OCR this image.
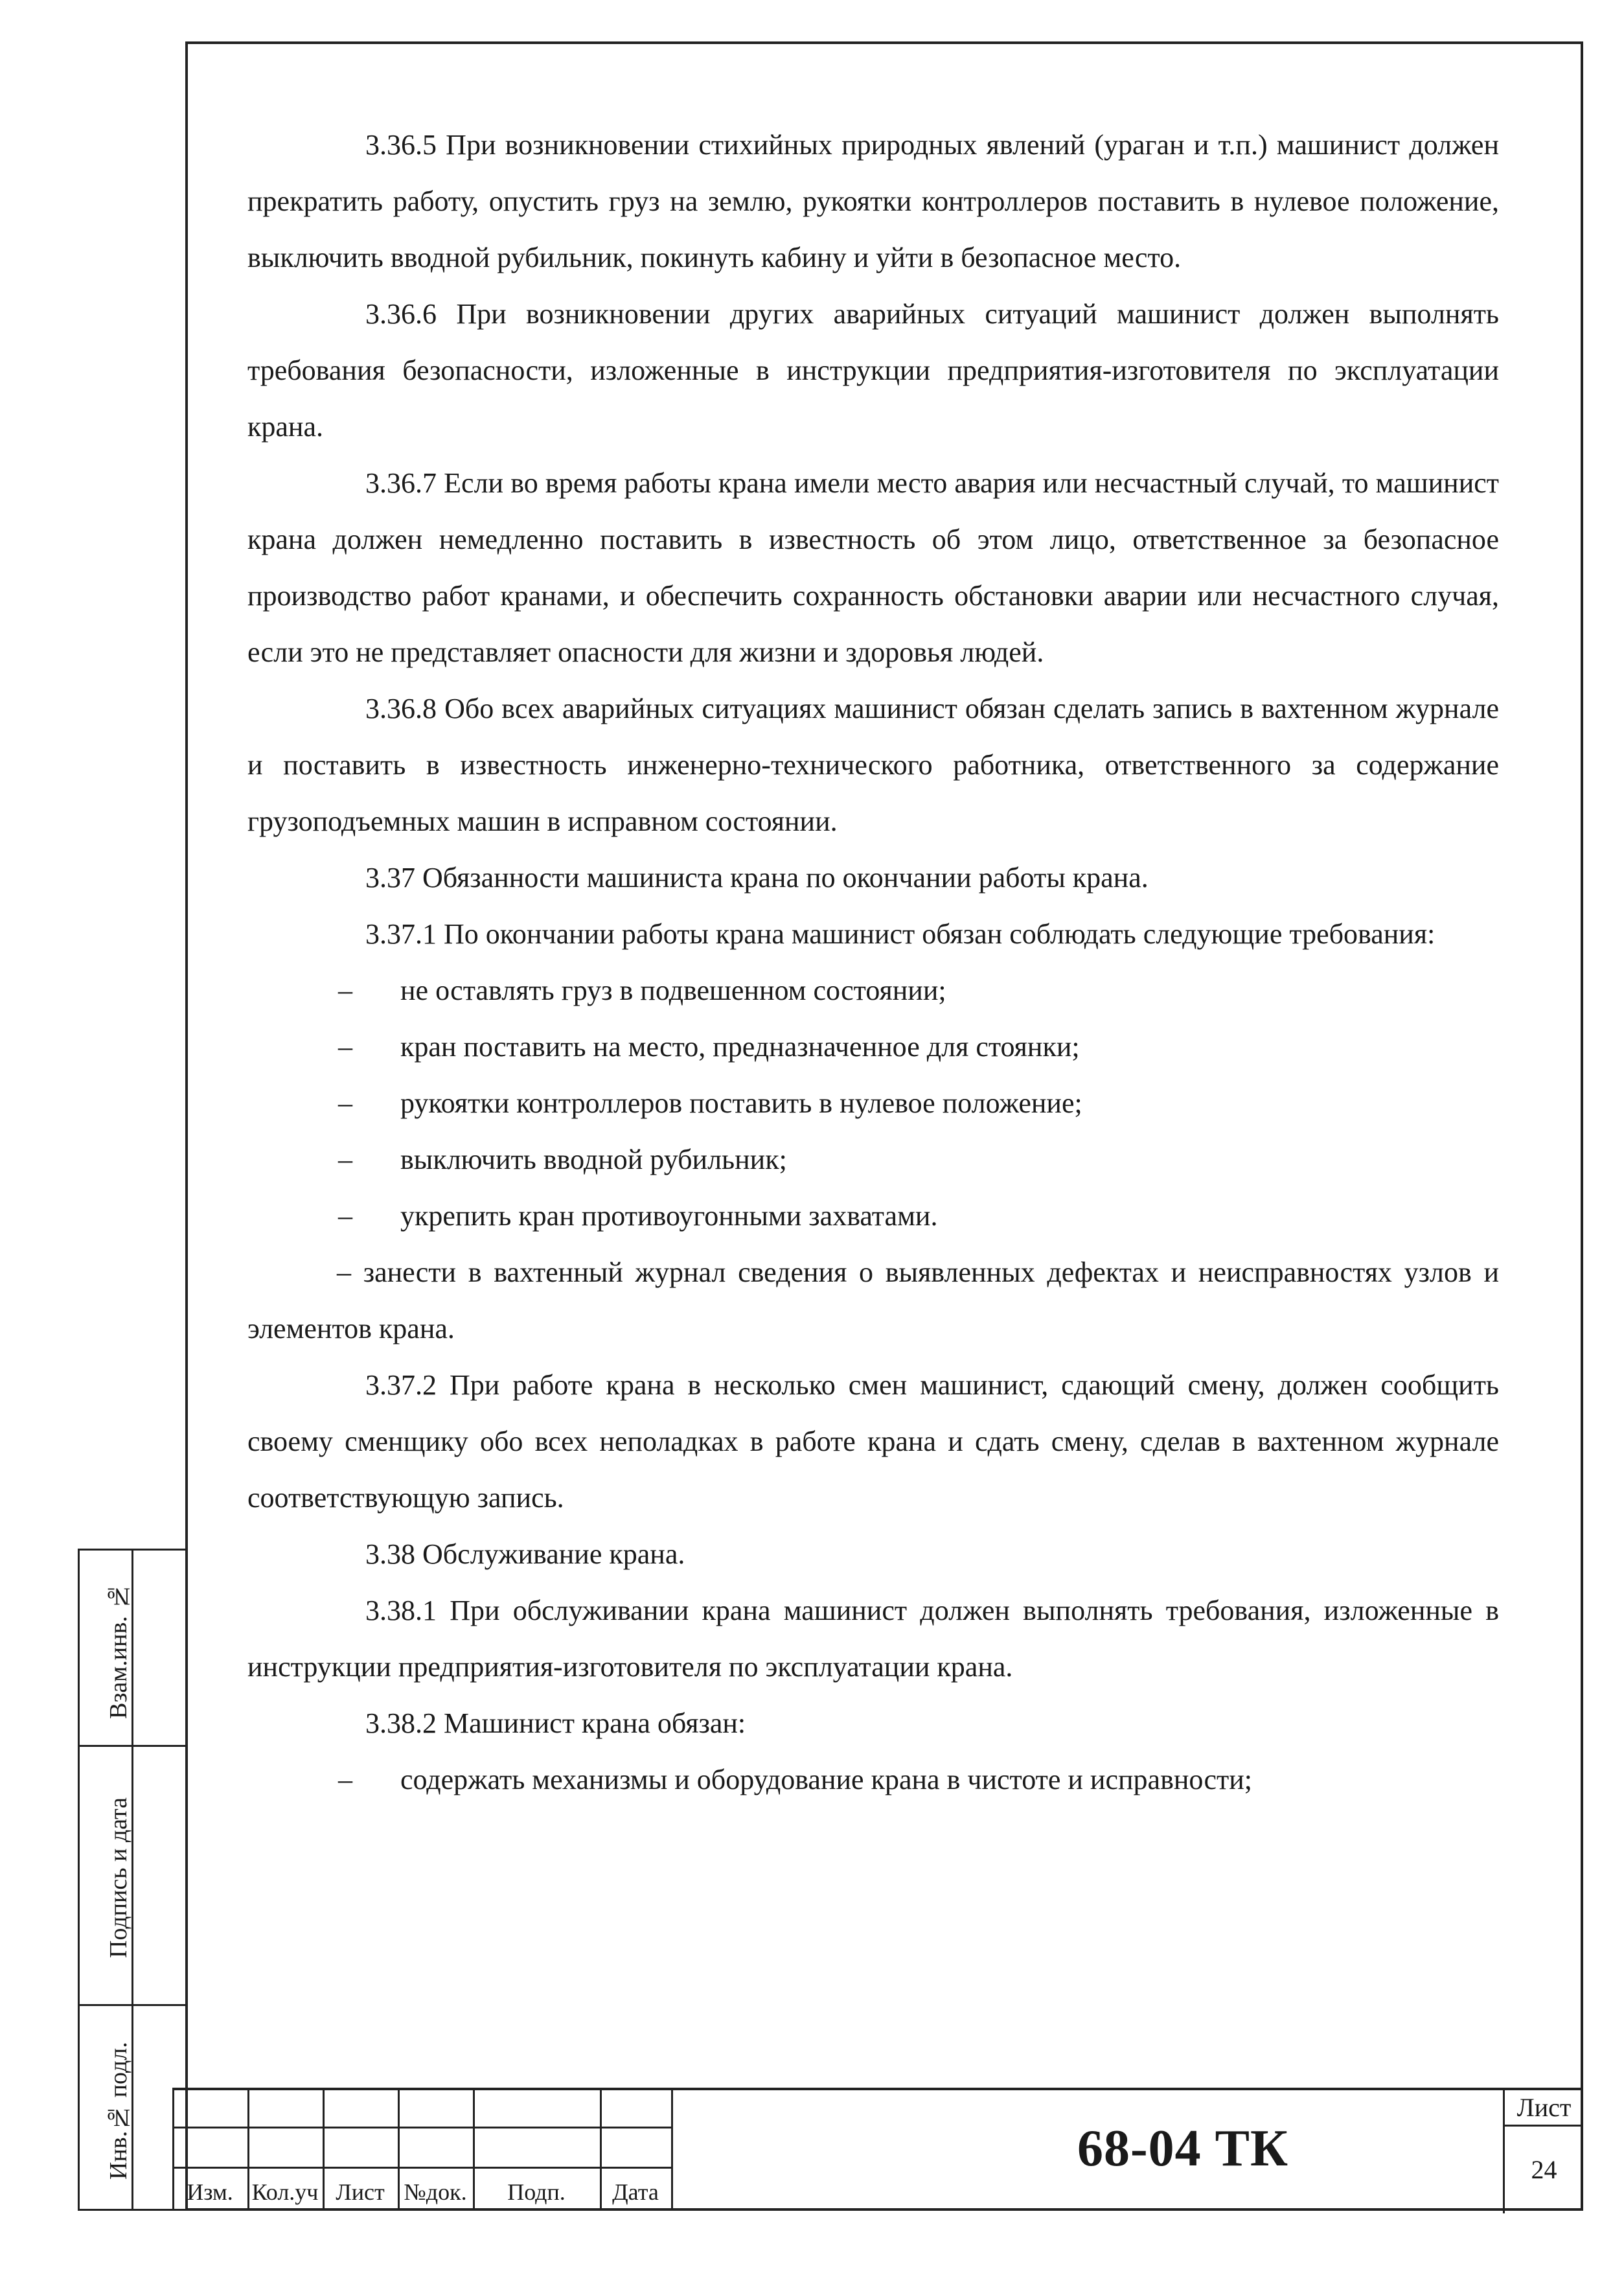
3.36.5 При возникновении стихийных природных явлений (ураган и т.п.) машинист должен прекратить работу, опустить груз на землю, рукоятки контроллеров поставить в нулевое положение, выключить вводной рубильник, покинуть кабину и уйти в безопасное место.

3.36.6 При возникновении других аварийных ситуаций машинист должен выполнять требования безопасности, изложенные в инструкции предприятия-изготовителя по эксплуатации крана.

3.36.7 Если во время работы крана имели место авария или несчастный случай, то машинист крана должен немедленно поставить в известность об этом лицо, ответственное за безопасное производство работ кранами, и обеспечить сохранность обстановки аварии или несчастного случая, если это не представляет опасности для жизни и здоровья людей.

3.36.8 Обо всех аварийных ситуациях машинист обязан сделать запись в вахтенном журнале и поставить в известность инженерно-технического работника, ответственного за содержание грузоподъемных машин в исправном состоянии.

3.37 Обязанности машиниста крана по окончании работы крана.

3.37.1 По окончании работы крана машинист обязан соблюдать следующие требования:

– не оставлять груз в подвешенном состоянии;

– кран поставить на место, предназначенное для стоянки;

– рукоятки контроллеров поставить в нулевое положение;

– выключить вводной рубильник;

– укрепить кран противоугонными захватами.

– занести в вахтенный журнал сведения о выявленных дефектах и неисправностях узлов и элементов крана.

3.37.2 При работе крана в несколько смен машинист, сдающий смену, должен сообщить своему сменщику обо всех неполадках в работе крана и сдать смену, сделав в вахтенном журнале соответствующую запись.

3.38 Обслуживание крана.

3.38.1 При обслуживании крана машинист должен выполнять требования, изложенные в инструкции предприятия-изготовителя по эксплуатации крана.

3.38.2 Машинист крана обязан:

– содержать механизмы и оборудование крана в чистоте и исправности;

Взам.инв. №
Подпись и дата
Инв.№ подл.
Изм. Кол.уч Лист №док.	Подп.	Дата
68-04 ТК
Лист
24
